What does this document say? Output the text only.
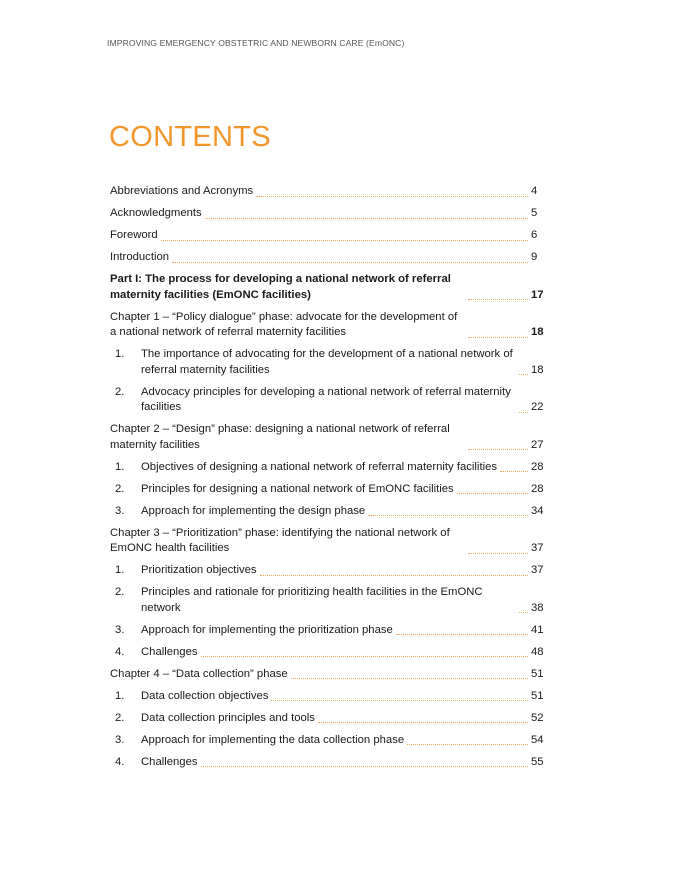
IMPROVING EMERGENCY OBSTETRIC AND NEWBORN CARE (EmONC)
CONTENTS
Abbreviations and Acronyms	4
Acknowledgments	5
Foreword	6
Introduction	9
Part I: The process for developing a national network of referral maternity facilities (EmONC facilities)	17
Chapter 1 – “Policy dialogue” phase: advocate for the development of a national network of referral maternity facilities	18
1. The importance of advocating for the development of a national network of referral maternity facilities	18
2. Advocacy principles for developing a national network of referral maternity facilities	22
Chapter 2 – “Design” phase: designing a national network of referral maternity facilities	27
1. Objectives of designing a national network of referral maternity facilities	28
2. Principles for designing a national network of EmONC facilities	28
3. Approach for implementing the design phase	34
Chapter 3 – “Prioritization” phase: identifying the national network of EmONC health facilities	37
1. Prioritization objectives	37
2. Principles and rationale for prioritizing health facilities in the EmONC network	38
3. Approach for implementing the prioritization phase	41
4. Challenges	48
Chapter 4 – “Data collection” phase	51
1. Data collection objectives	51
2. Data collection principles and tools	52
3. Approach for implementing the data collection phase	54
4. Challenges	55
